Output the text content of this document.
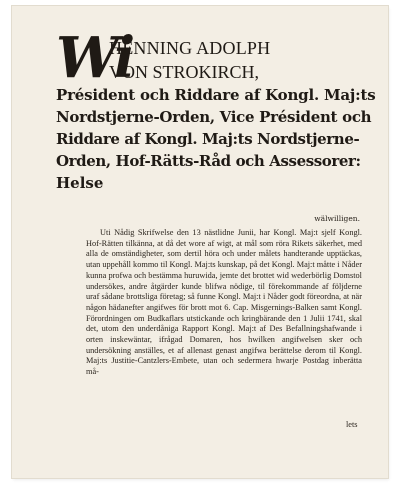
Wi
HENNING ADOLPH
VON STROKIRCH,
Président och Riddare af Kongl. Maj:ts
Nordstjerne-Orden, Vice Président och
Riddare af Kongl. Maj:ts Nordstjerne-
Orden, Hof-Rätts-Råd och Assessorer:
Helse
wälwilligen.
Uti Nådig Skrifwelse den 13 nästlidne Junii, har Kongl. Maj:t sjelf Kongl. Hof-Rätten tilkänna, at då det wore af wigt, at mål som röra Rikets säkerhet, med alla de omständigheter, som dertil höra och under målets handterande upptäckas, utan uppehåll kommo til Kongl. Maj:ts kunskap, på det Kongl. Maj:t måtte i Nåder kunna profwa och bestämma huruwida, jemte det brottet wid wederbörlig Domstol undersökes, andre åtgärder kunde blifwa nödige, til förekommande af följderne uraf sådane brottsliga företag; så funne Kongl. Maj:t i Nåder godt föreordna, at när någon hädanefter angifwes för brott mot 6. Cap. Misgernings-Balken samt Kongl. Förordningen om Budkaflars utstickande och kringbärande den 1 Julii 1741, skal det, utom den underdåniga Rapport Kongl. Maj:t af Des Befallningshafwande i orten inskewäntar, ifrågad Domaren, hos hwilken angifwelsen sker och undersökning anställes, et af allenast genast angifwa berättelse derom til Kongl. Maj:ts Justitie-Cantzlers-Embete, utan och sedermera hwarje Postdag inberätta må-
lets
